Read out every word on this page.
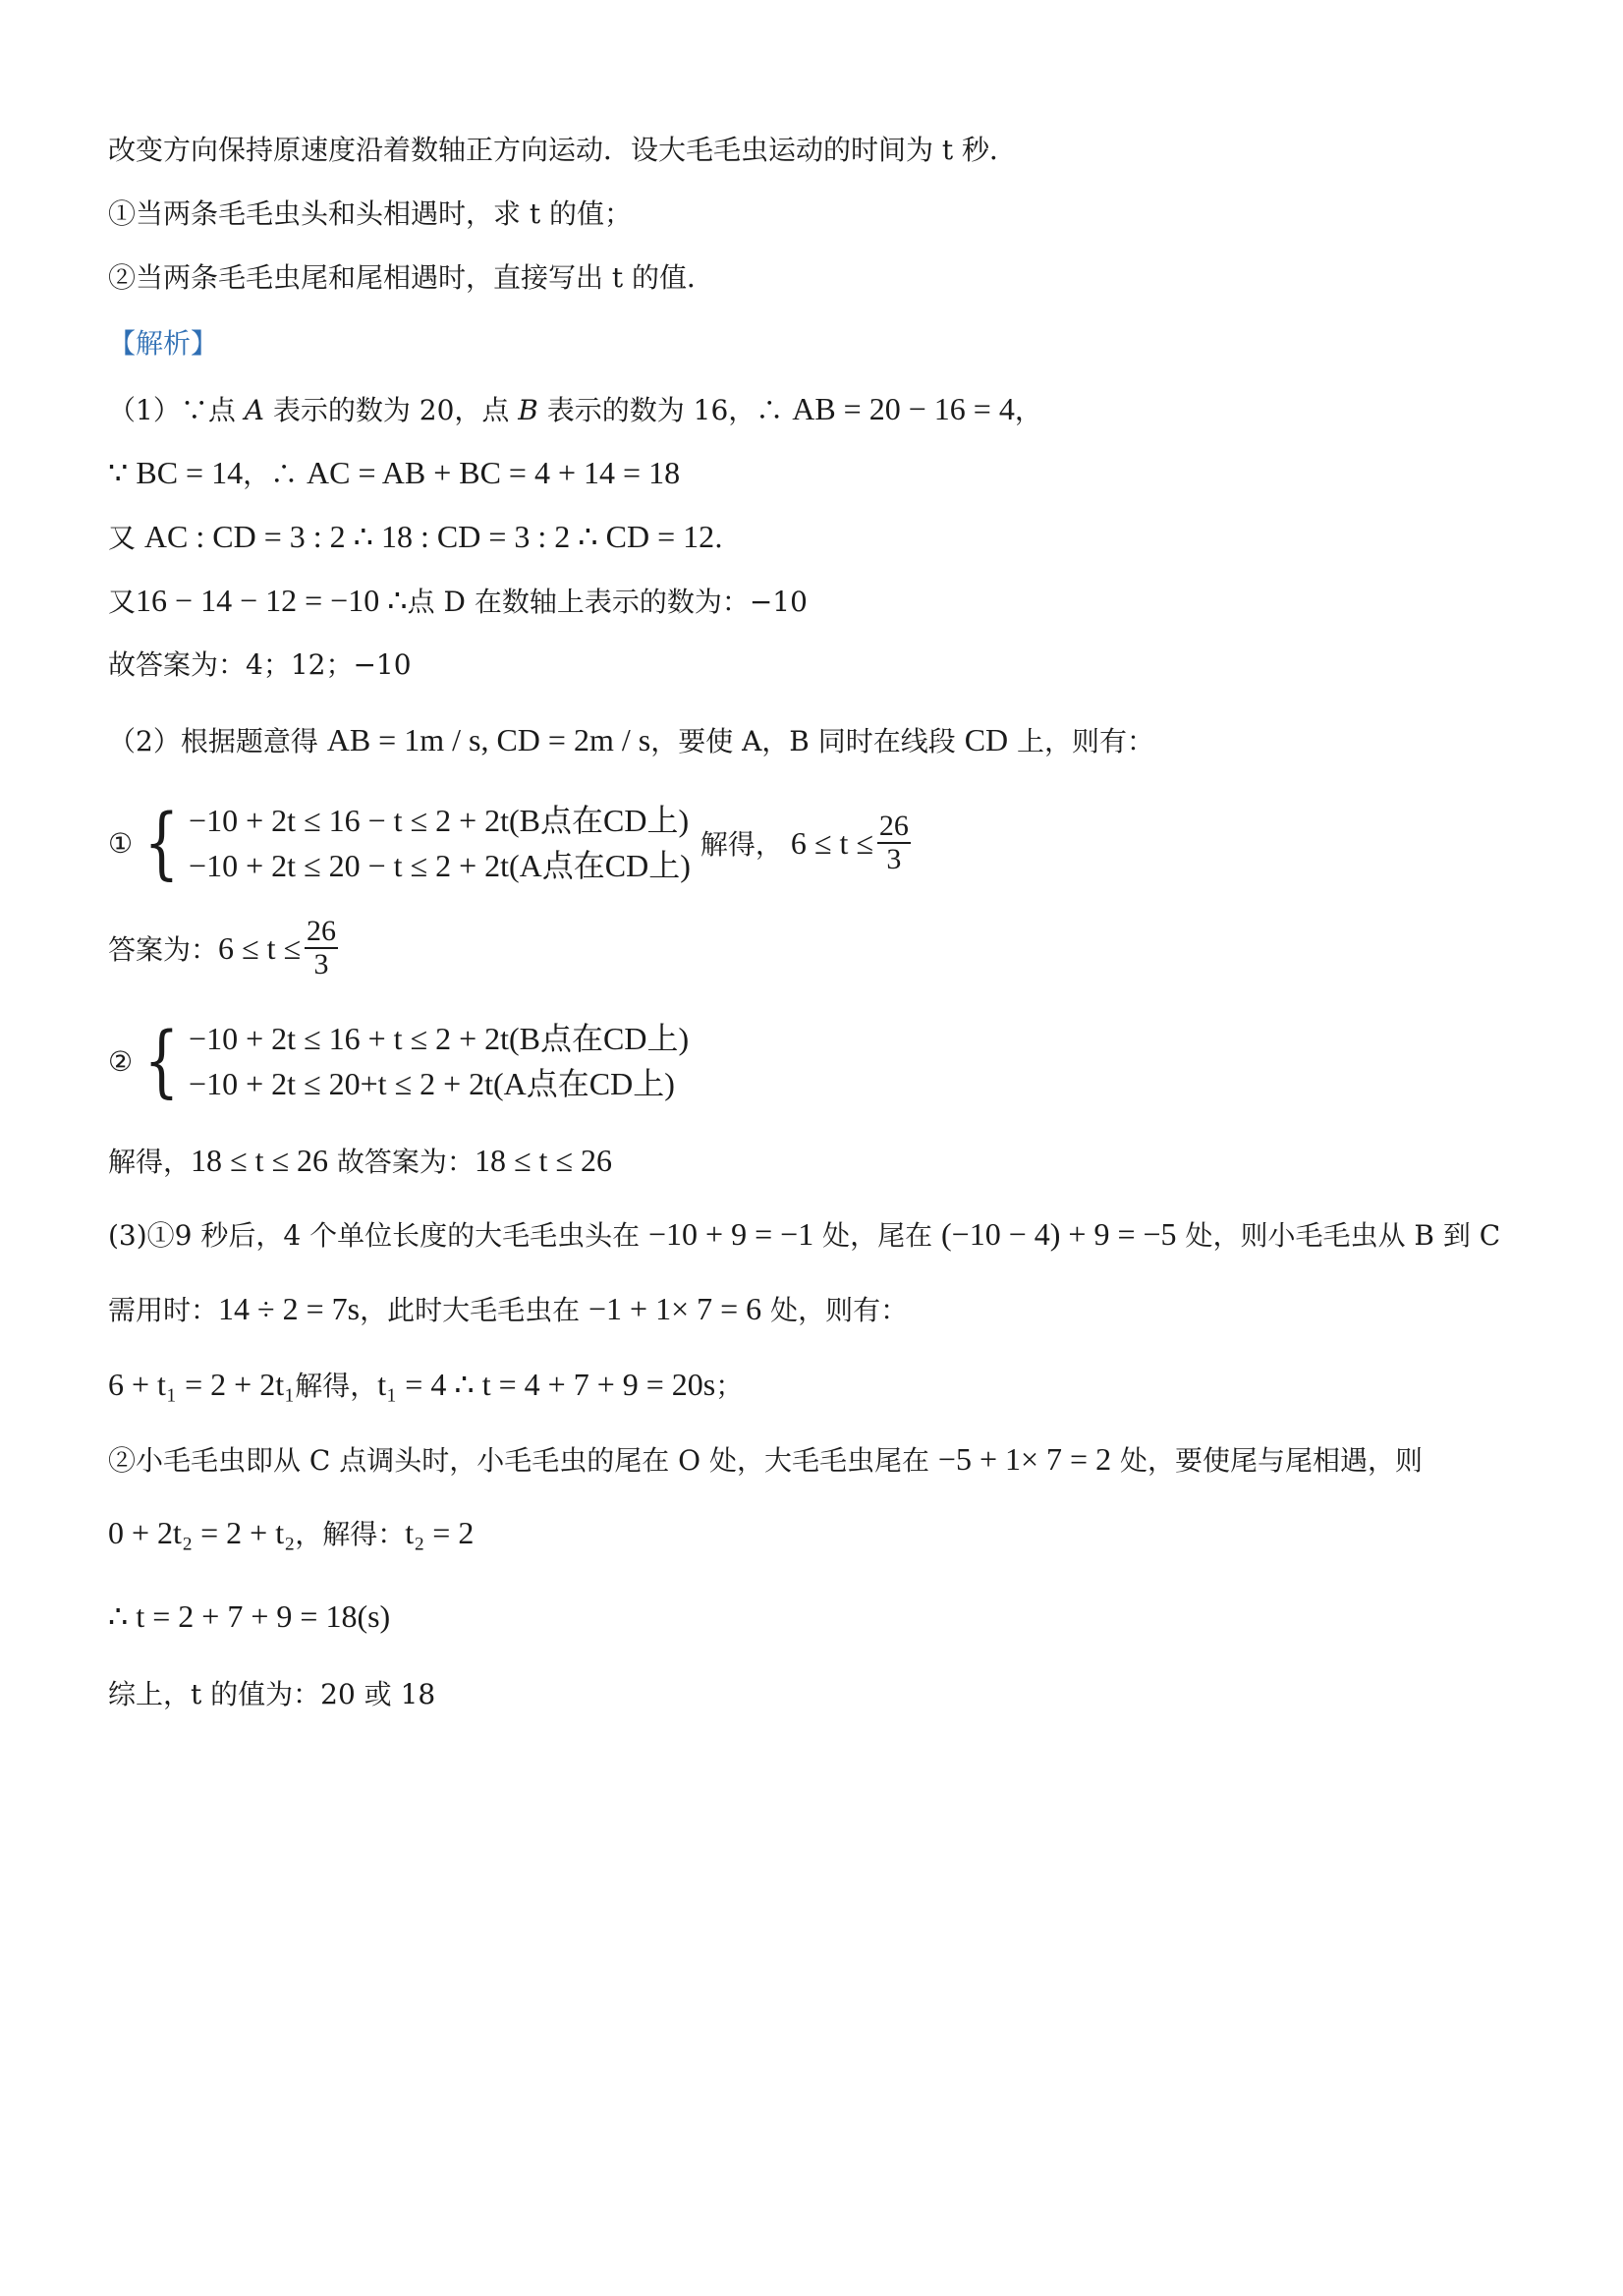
改变方向保持原速度沿着数轴正方向运动．设大毛毛虫运动的时间为 t 秒．
①当两条毛毛虫头和头相遇时，求 t 的值；
②当两条毛毛虫尾和尾相遇时，直接写出 t 的值．
【解析】
（1）∵点 A 表示的数为 20，点 B 表示的数为 16，∴ AB = 20 − 16 = 4，
∵ BC = 14，∴ AC = AB + BC = 4 + 14 = 18
又 AC : CD = 3 : 2 ∴ 18 : CD = 3 : 2 ∴ CD = 12．
又16 − 14 − 12 = −10 ∴点 D 在数轴上表示的数为：−10
故答案为：4；12；−10
（2）根据题意得 AB = 1m / s, CD = 2m / s，要使 A，B 同时在线段 CD 上，则有：
① { −10 + 2t ≤ 16 − t ≤ 2 + 2t(B点在CD上)
−10 + 2t ≤ 20 − t ≤ 2 + 2t(A点在CD上)
解得， $6 \le t \le \frac{26}{3}$
答案为： $6 \le t \le \frac{26}{3}$
② { −10 + 2t ≤ 16 + t ≤ 2 + 2t(B点在CD上)
−10 + 2t ≤ 20+t ≤ 2 + 2t(A点在CD上)
解得，18 ≤ t ≤ 26 故答案为：18 ≤ t ≤ 26
(3)①9 秒后，4 个单位长度的大毛毛虫头在 −10 + 9 = −1 处，尾在 (−10 − 4) + 9 = −5 处，则小毛毛虫从 B 到 C
需用时：14 ÷ 2 = 7s，此时大毛毛虫在 −1 + 1× 7 = 6 处，则有：
6 + t₁ = 2 + 2t₁解得，t₁ = 4 ∴ t = 4 + 7 + 9 = 20s；
②小毛毛虫即从 C 点调头时，小毛毛虫的尾在 O 处，大毛毛虫尾在 −5 + 1× 7 = 2 处，要使尾与尾相遇，则
0 + 2t₂ = 2 + t₂，解得：t₂ = 2
∴ t = 2 + 7 + 9 = 18(s)
综上，t 的值为：20 或 18
